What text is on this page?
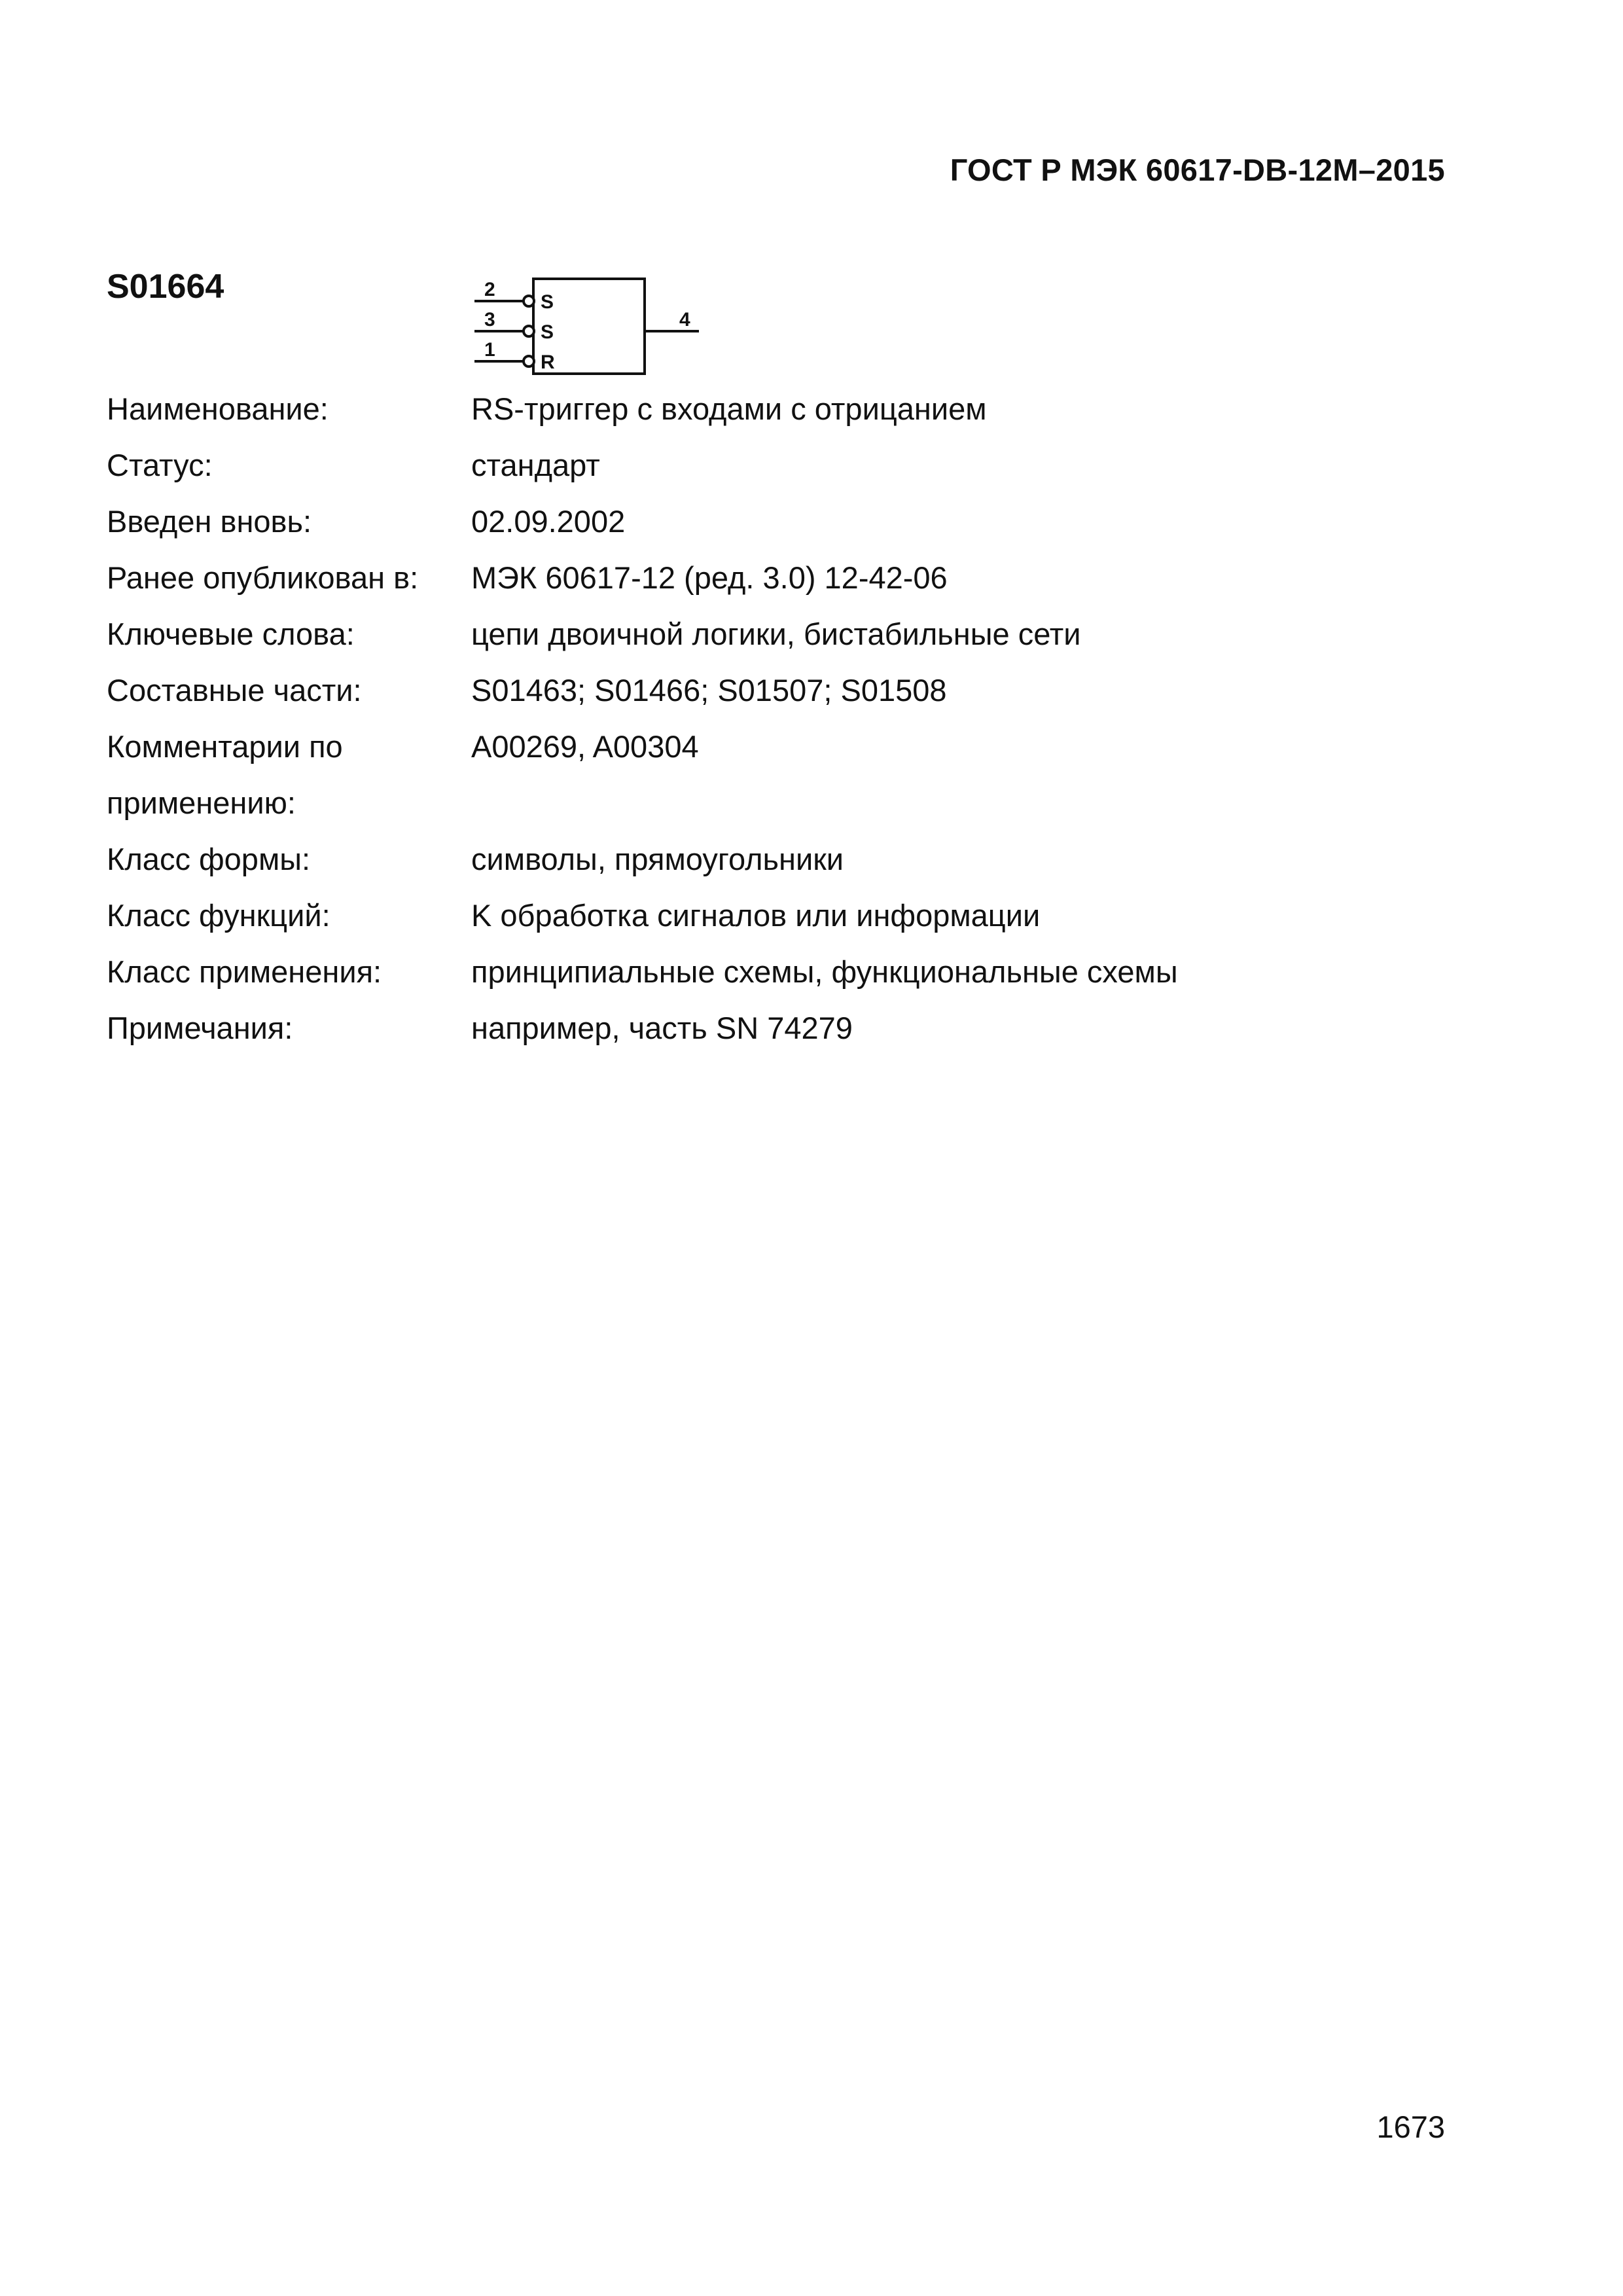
ГОСТ Р МЭК 60617-DB-12M–2015
S01664	2
3
1
4
S
S
R
Наименование:	RS-триггер с входами с отрицанием
Статус:	стандарт
Введен вновь:	02.09.2002
Ранее опубликован в:	МЭК 60617-12 (ред. 3.0) 12-42-06
Ключевые слова:	цепи двоичной логики, бистабильные сети
Составные части:	S01463; S01466; S01507; S01508
Комментарии по применению:	A00269, A00304
Класс формы:	символы, прямоугольники
Класс функций:	K обработка сигналов или информации
Класс применения:	принципиальные схемы, функциональные схемы
Примечания:	например, часть SN 74279
1673
